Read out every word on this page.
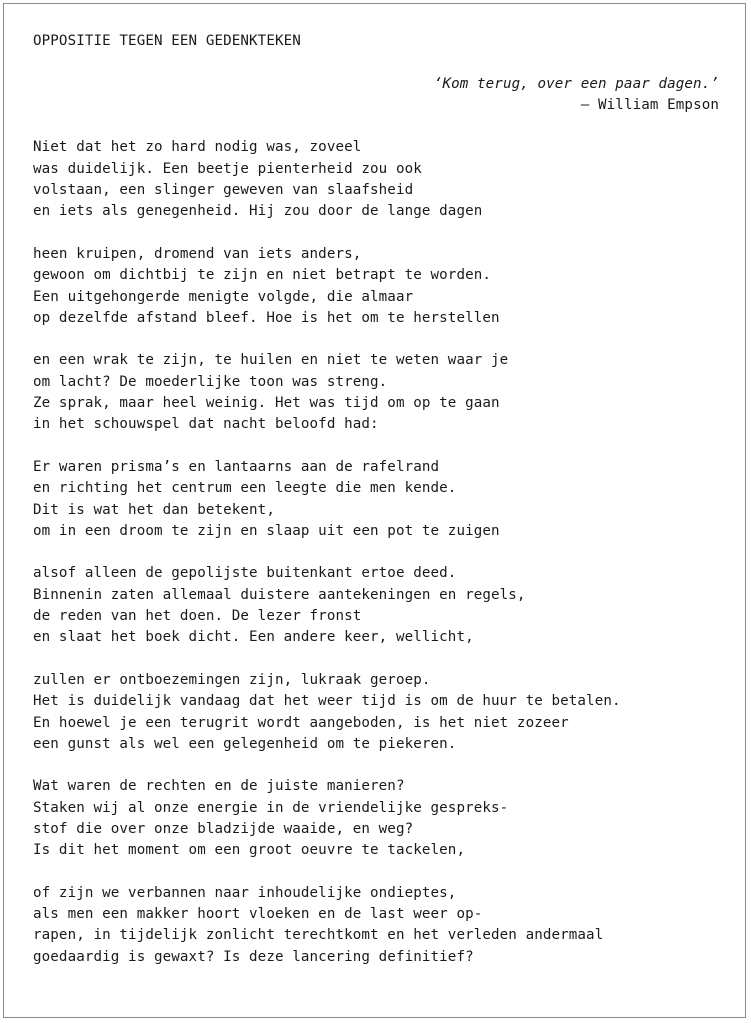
OPPOSITIE TEGEN EEN GEDENKTEKEN
‘Kom terug, over een paar dagen.’
— William Empson
Niet dat het zo hard nodig was, zoveel
was duidelijk. Een beetje pienterheid zou ook
volstaan, een slinger geweven van slaafsheid
en iets als genegenheid. Hij zou door de lange dagen
heen kruipen, dromend van iets anders,
gewoon om dichtbij te zijn en niet betrapt te worden.
Een uitgehongerde menigte volgde, die almaar
op dezelfde afstand bleef. Hoe is het om te herstellen
en een wrak te zijn, te huilen en niet te weten waar je
om lacht? De moederlijke toon was streng.
Ze sprak, maar heel weinig. Het was tijd om op te gaan
in het schouwspel dat nacht beloofd had:
Er waren prisma’s en lantaarns aan de rafelrand
en richting het centrum een leegte die men kende.
Dit is wat het dan betekent,
om in een droom te zijn en slaap uit een pot te zuigen
alsof alleen de gepolijste buitenkant ertoe deed.
Binnenin zaten allemaal duistere aantekeningen en regels,
de reden van het doen. De lezer fronst
en slaat het boek dicht. Een andere keer, wellicht,
zullen er ontboezemingen zijn, lukraak geroep.
Het is duidelijk vandaag dat het weer tijd is om de huur te betalen.
En hoewel je een terugrit wordt aangeboden, is het niet zozeer
een gunst als wel een gelegenheid om te piekeren.
Wat waren de rechten en de juiste manieren?
Staken wij al onze energie in de vriendelijke gespreks-
stof die over onze bladzijde waaide, en weg?
Is dit het moment om een groot oeuvre te tackelen,
of zijn we verbannen naar inhoudelijke ondieptes,
als men een makker hoort vloeken en de last weer op-
rapen, in tijdelijk zonlicht terechtkomt en het verleden andermaal
goedaardig is gewaxt? Is deze lancering definitief?
